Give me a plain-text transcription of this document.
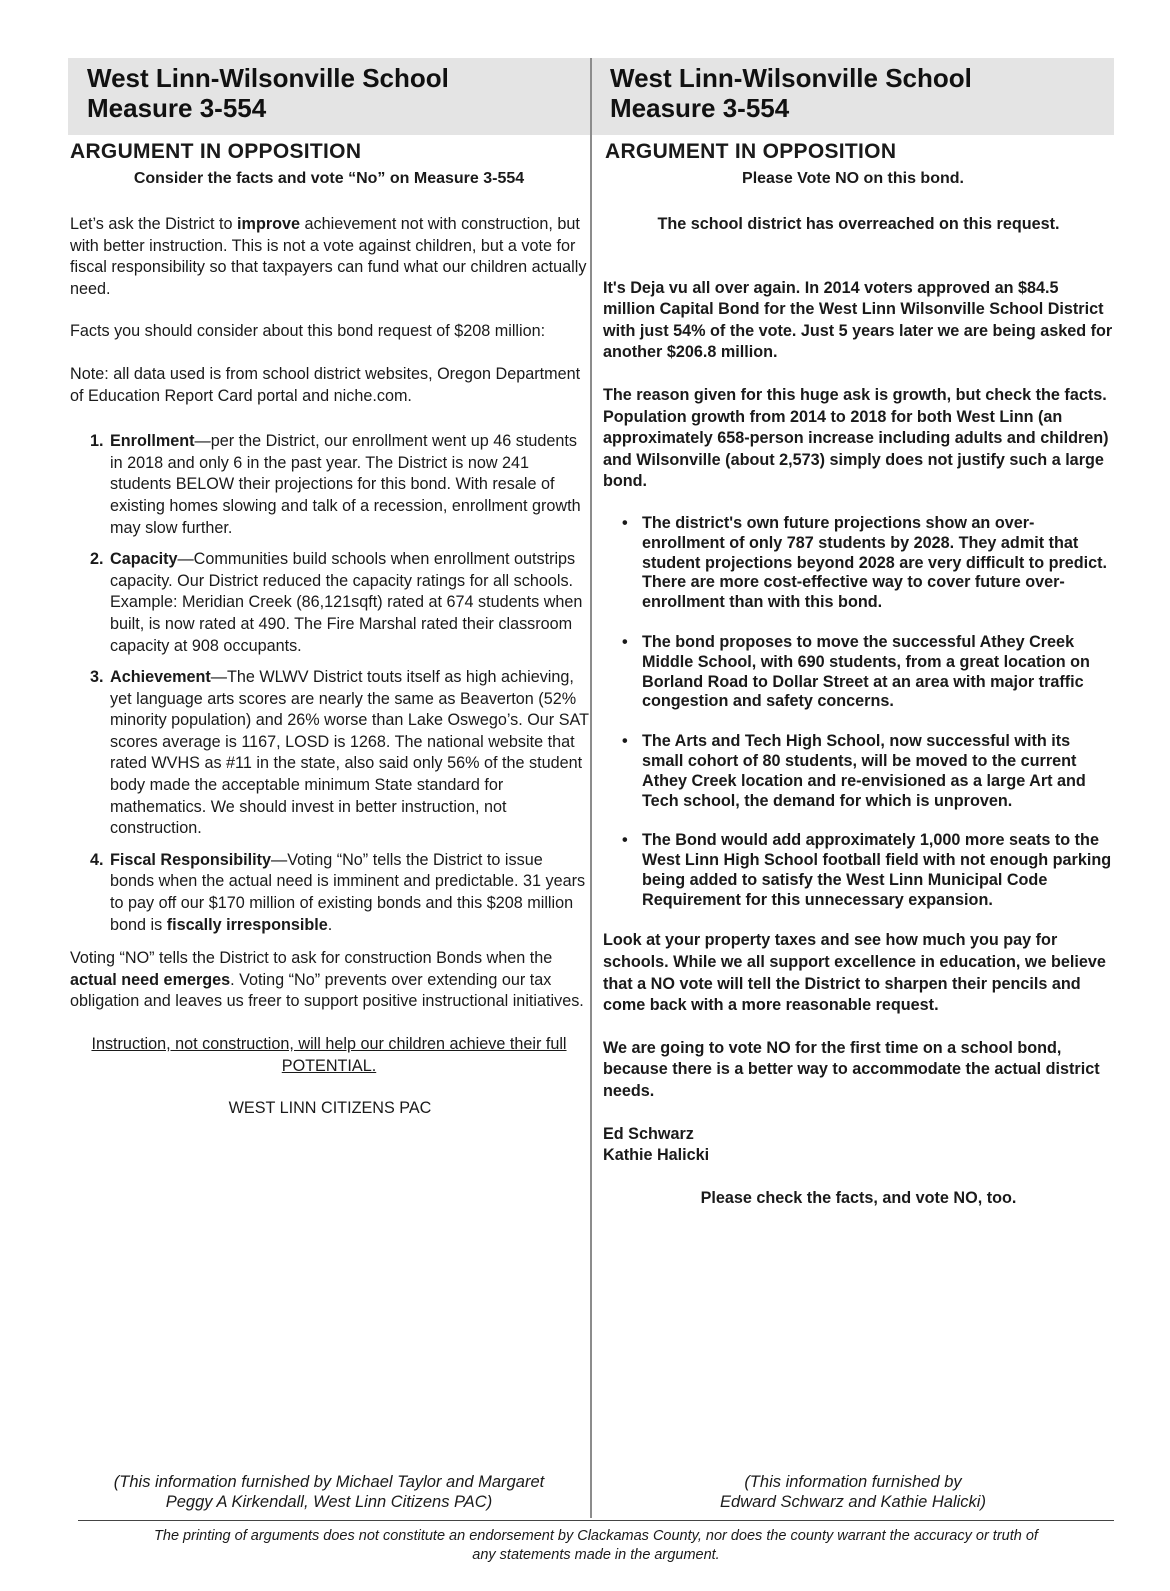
West Linn-Wilsonville School
Measure 3-554
ARGUMENT IN OPPOSITION
Consider the facts and vote “No” on Measure 3-554

Let’s ask the District to improve achievement not with construction, but with better instruction. This is not a vote against children, but a vote for fiscal responsibility so that taxpayers can fund what our children actually need.

Facts you should consider about this bond request of $208 million:

Note: all data used is from school district websites, Oregon Department of Education Report Card portal and niche.com.

1. Enrollment—per the District, our enrollment went up 46 students in 2018 and only 6 in the past year. The District is now 241 students BELOW their projections for this bond. With resale of existing homes slowing and talk of a recession, enrollment growth may slow further.
2. Capacity—Communities build schools when enrollment outstrips capacity. Our District reduced the capacity ratings for all schools. Example: Meridian Creek (86,121sqft) rated at 674 students when built, is now rated at 490. The Fire Marshal rated their classroom capacity at 908 occupants.
3. Achievement—The WLWV District touts itself as high achieving, yet language arts scores are nearly the same as Beaverton (52% minority population) and 26% worse than Lake Oswego’s. Our SAT scores average is 1167, LOSD is 1268. The national website that rated WVHS as #11 in the state, also said only 56% of the student body made the acceptable minimum State standard for mathematics. We should invest in better instruction, not construction.
4. Fiscal Responsibility—Voting “No” tells the District to issue bonds when the actual need is imminent and predictable. 31 years to pay off our $170 million of existing bonds and this $208 million bond is fiscally irresponsible.

Voting “NO” tells the District to ask for construction Bonds when the actual need emerges. Voting “No” prevents over extending our tax obligation and leaves us freer to support positive instructional initiatives.

Instruction, not construction, will help our children achieve their full POTENTIAL.

WEST LINN CITIZENS PAC

(This information furnished by Michael Taylor and Margaret
Peggy A Kirkendall, West Linn Citizens PAC)
West Linn-Wilsonville School
Measure 3-554
ARGUMENT IN OPPOSITION
Please Vote NO on this bond.

The school district has overreached on this request.

It's Deja vu all over again. In 2014 voters approved an $84.5 million Capital Bond for the West Linn Wilsonville School District with just 54% of the vote. Just 5 years later we are being asked for another $206.8 million.

The reason given for this huge ask is growth, but check the facts. Population growth from 2014 to 2018 for both West Linn (an approximately 658-person increase including adults and children) and Wilsonville (about 2,573) simply does not justify such a large bond.

• The district's own future projections show an over-enrollment of only 787 students by 2028. They admit that student projections beyond 2028 are very difficult to predict. There are more cost-effective way to cover future over-enrollment than with this bond.
• The bond proposes to move the successful Athey Creek Middle School, with 690 students, from a great location on Borland Road to Dollar Street at an area with major traffic congestion and safety concerns.
• The Arts and Tech High School, now successful with its small cohort of 80 students, will be moved to the current Athey Creek location and re-envisioned as a large Art and Tech school, the demand for which is unproven.
• The Bond would add approximately 1,000 more seats to the West Linn High School football field with not enough parking being added to satisfy the West Linn Municipal Code Requirement for this unnecessary expansion.

Look at your property taxes and see how much you pay for schools. While we all support excellence in education, we believe that a NO vote will tell the District to sharpen their pencils and come back with a more reasonable request.

We are going to vote NO for the first time on a school bond, because there is a better way to accommodate the actual district needs.

Ed Schwarz
Kathie Halicki

Please check the facts, and vote NO, too.

(This information furnished by
Edward Schwarz and Kathie Halicki)
The printing of arguments does not constitute an endorsement by Clackamas County, nor does the county warrant the accuracy or truth of
any statements made in the argument.
